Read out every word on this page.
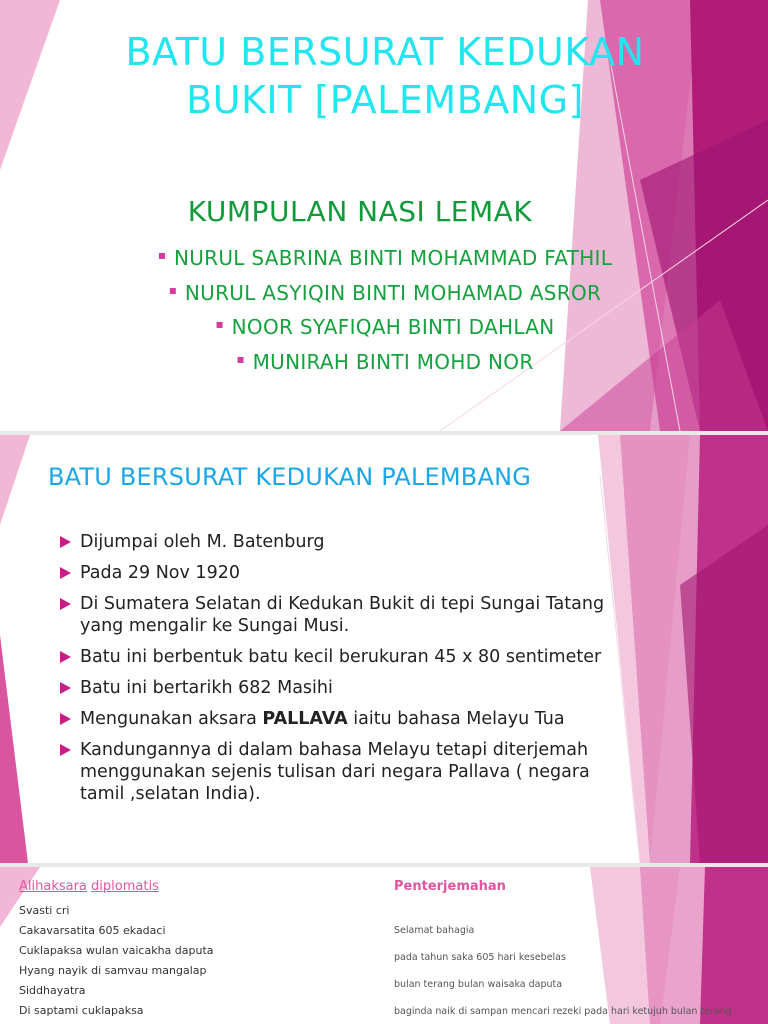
BATU BERSURAT KEDUKAN
BUKIT [PALEMBANG]
KUMPULAN NASI LEMAK
▪ NURUL SABRINA BINTI MOHAMMAD FATHIL
▪ NURUL ASYIQIN BINTI MOHAMAD ASROR
▪ NOOR SYAFIQAH BINTI DAHLAN
▪ MUNIRAH BINTI MOHD NOR
BATU BERSURAT KEDUKAN PALEMBANG
Dijumpai oleh M. Batenburg
Pada 29 Nov 1920
Di Sumatera Selatan di Kedukan Bukit di tepi Sungai Tatang yang mengalir ke Sungai Musi.
Batu ini berbentuk batu kecil berukuran 45 x 80 sentimeter
Batu ini bertarikh 682 Masihi
Mengunakan aksara PALLAVA iaitu bahasa Melayu Tua
Kandungannya di dalam bahasa Melayu tetapi diterjemah menggunakan sejenis tulisan dari negara Pallava ( negara tamil ,selatan India).
Alihaksara diplomatis	Penterjemahan
Svasti cri
Cakavarsatita 605 ekadaci
Cuklapaksa wulan vaicakha daputa
Hyang nayik di samvau mangalap
Siddhayatra
Di saptami cuklapaksa
Selamat bahagia
pada tahun saka 605 hari kesebelas
bulan terang bulan waisaka daputa
baginda naik di sampan mencari rezeki pada hari ketujuh bulan terang
